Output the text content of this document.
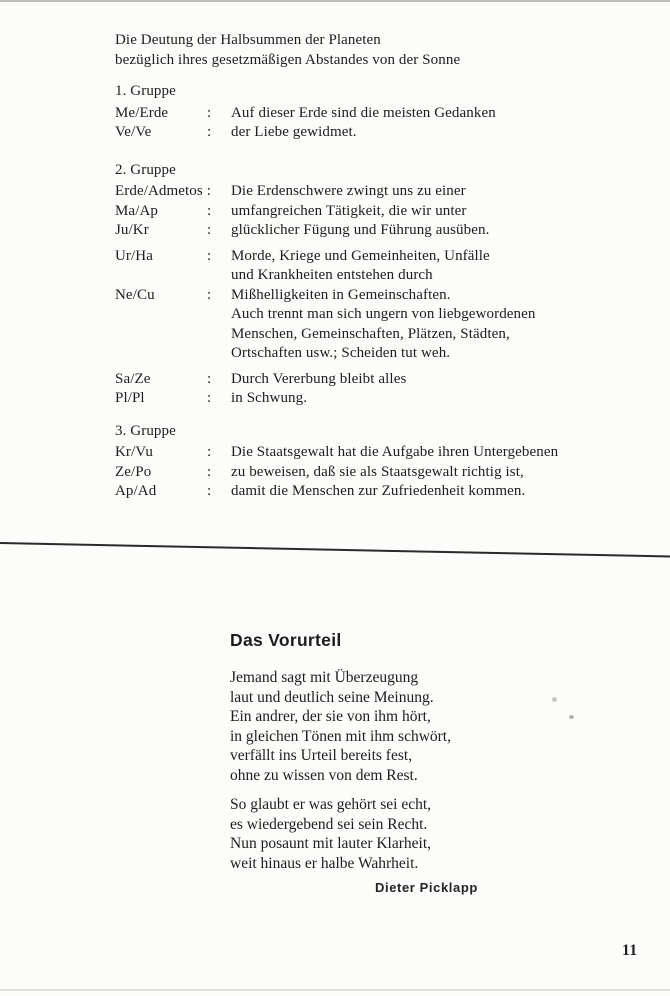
Die Deutung der Halbsummen der Planeten
bezüglich ihres gesetzmäßigen Abstandes von der Sonne
1. Gruppe
Me/Erde	:	Auf dieser Erde sind die meisten Gedanken
Ve/Ve	:	der Liebe gewidmet.
2. Gruppe
Erde/Admetos : Die Erdenschwere zwingt uns zu einer
Ma/Ap	:	umfangreichen Tätigkeit, die wir unter
Ju/Kr	:	glücklicher Fügung und Führung ausüben.
Ur/Ha	:	Morde, Kriege und Gemeinheiten, Unfälle
und Krankheiten entstehen durch
Ne/Cu	:	Mißhelligkeiten in Gemeinschaften.
Auch trennt man sich ungern von liebgewordenen
Menschen, Gemeinschaften, Plätzen, Städten,
Ortschaften usw.; Scheiden tut weh.
Sa/Ze	:	Durch Vererbung bleibt alles
Pl/Pl	:	in Schwung.
3. Gruppe
Kr/Vu	:	Die Staatsgewalt hat die Aufgabe ihren Untergebenen
Ze/Po	:	zu beweisen, daß sie als Staatsgewalt richtig ist,
Ap/Ad	:	damit die Menschen zur Zufriedenheit kommen.
Das Vorurteil
Jemand sagt mit Überzeugung
laut und deutlich seine Meinung.
Ein andrer, der sie von ihm hört,
in gleichen Tönen mit ihm schwört,
verfällt ins Urteil bereits fest,
ohne zu wissen von dem Rest.
So glaubt er was gehört sei echt,
es wiedergebend sei sein Recht.
Nun posaunt mit lauter Klarheit,
weit hinaus er halbe Wahrheit.
Dieter Picklapp
11
